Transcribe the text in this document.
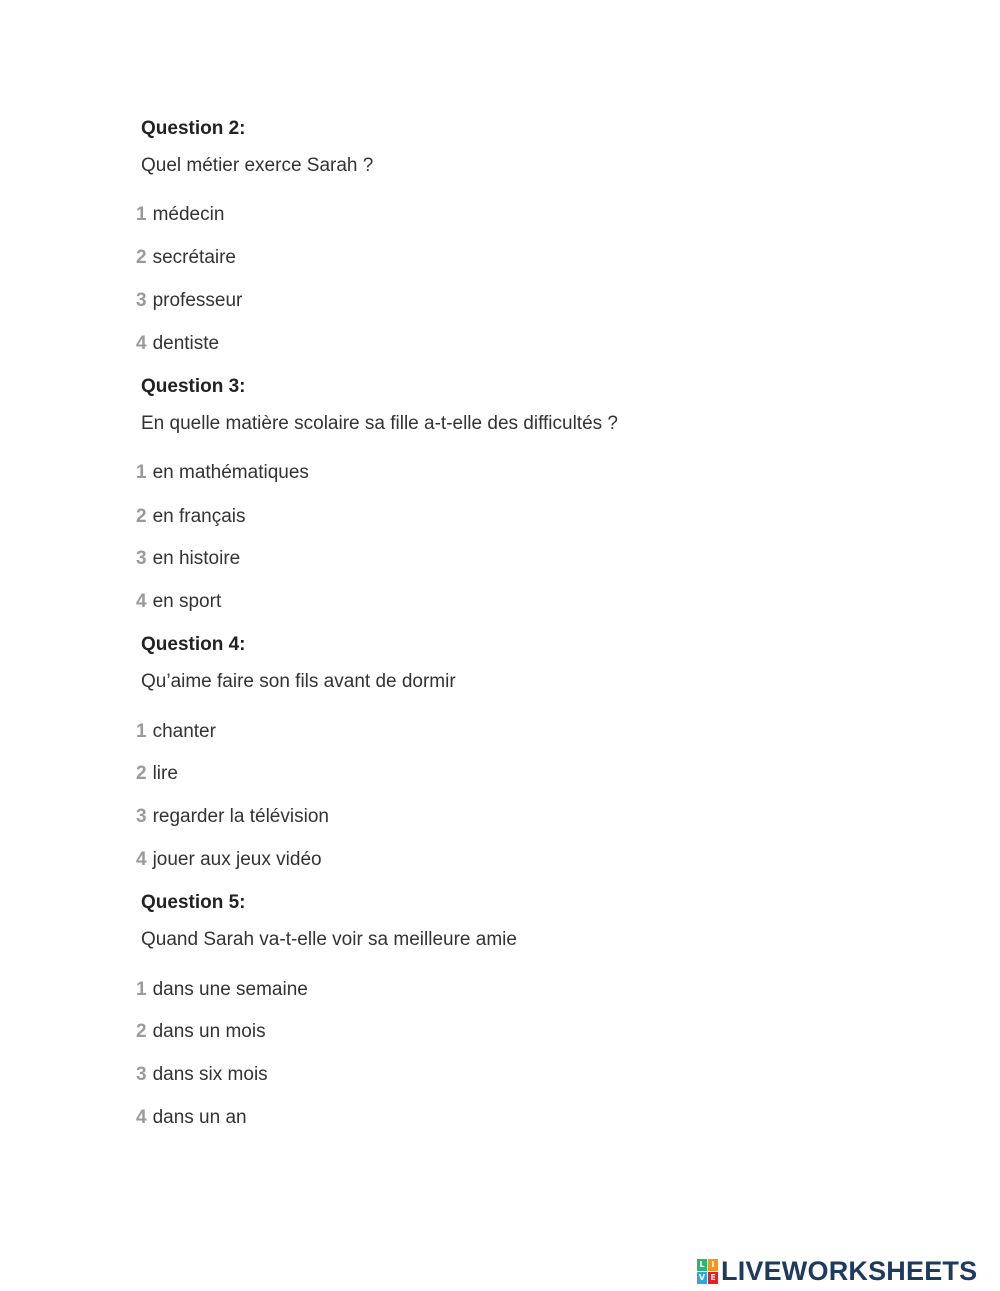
Question 2:
Quel métier exerce Sarah ?
1 médecin
2 secrétaire
3 professeur
4 dentiste
Question 3:
En quelle matière scolaire sa fille a-t-elle des difficultés ?
1 en mathématiques
2 en français
3 en histoire
4 en sport
Question 4:
Qu’aime faire son fils avant de dormir
1 chanter
2 lire
3 regarder la télévision
4 jouer aux jeux vidéo
Question 5:
Quand Sarah va-t-elle voir sa meilleure amie
1 dans une semaine
2 dans un mois
3 dans six mois
4 dans un an
L I
V E LIVEWORKSHEETS
